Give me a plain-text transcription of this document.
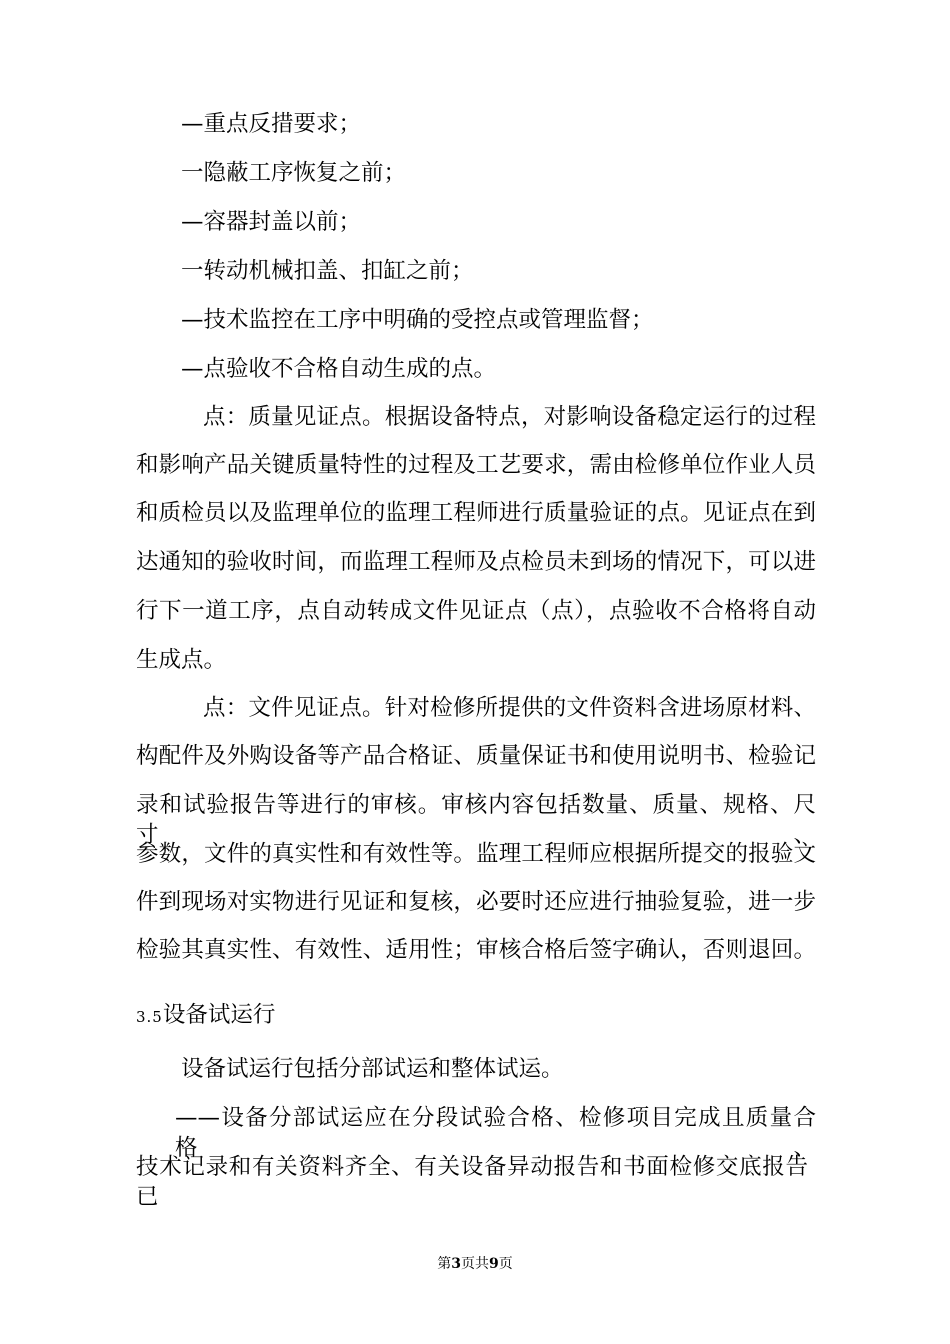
—重点反措要求；
一隐蔽工序恢复之前；
—容器封盖以前；
一转动机械扣盖、扣缸之前；
—技术监控在工序中明确的受控点或管理监督；
—点验收不合格自动生成的点。
点：质量见证点。根据设备特点，对影响设备稳定运行的过程
和影响产品关键质量特性的过程及工艺要求，需由检修单位作业人员
和质检员以及监理单位的监理工程师进行质量验证的点。见证点在到
达通知的验收时间，而监理工程师及点检员未到场的情况下，可以进
行下一道工序，点自动转成文件见证点（点），点验收不合格将自动
生成点。
点：文件见证点。针对检修所提供的文件资料含进场原材料、
构配件及外购设备等产品合格证、质量保证书和使用说明书、检验记
录和试验报告等进行的审核。审核内容包括数量、质量、规格、尺寸、
参数，文件的真实性和有效性等。监理工程师应根据所提交的报验文
件到现场对实物进行见证和复核，必要时还应进行抽验复验，进一步
检验其真实性、有效性、适用性；审核合格后签字确认，否则退回。
3.5设备试运行
设备试运行包括分部试运和整体试运。
——设备分部试运应在分段试验合格、检修项目完成且质量合格、
技术记录和有关资料齐全、有关设备异动报告和书面检修交底报告已
第3页共9页
